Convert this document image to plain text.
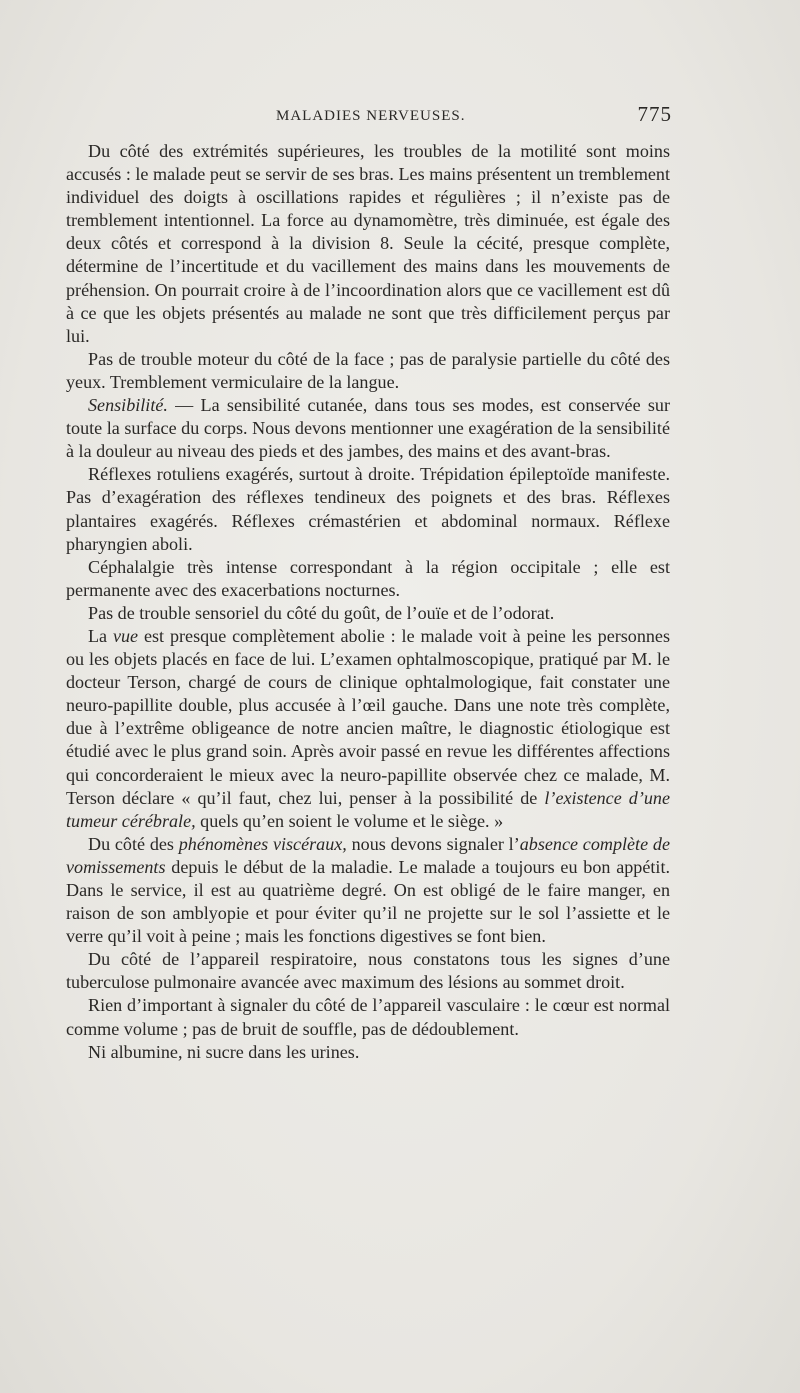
MALADIES NERVEUSES.	775

Du côté des extrémités supérieures, les troubles de la motilité sont moins accusés : le malade peut se servir de ses bras. Les mains présentent un tremblement individuel des doigts à oscillations rapides et régulières ; il n’existe pas de tremblement intentionnel. La force au dynamomètre, très diminuée, est égale des deux côtés et correspond à la division 8. Seule la cécité, presque complète, détermine de l’incertitude et du vacillement des mains dans les mouvements de préhension. On pourrait croire à de l’incoordination alors que ce vacillement est dû à ce que les objets présentés au malade ne sont que très difficilement perçus par lui.

Pas de trouble moteur du côté de la face ; pas de paralysie partielle du côté des yeux. Tremblement vermiculaire de la langue.

Sensibilité. — La sensibilité cutanée, dans tous ses modes, est conservée sur toute la surface du corps. Nous devons mentionner une exagération de la sensibilité à la douleur au niveau des pieds et des jambes, des mains et des avant-bras.

Réflexes rotuliens exagérés, surtout à droite. Trépidation épileptoïde manifeste. Pas d’exagération des réflexes tendineux des poignets et des bras. Réflexes plantaires exagérés. Réflexes crémastérien et abdominal normaux. Réflexe pharyngien aboli.

Céphalalgie très intense correspondant à la région occipitale ; elle est permanente avec des exacerbations nocturnes.

Pas de trouble sensoriel du côté du goût, de l’ouïe et de l’odorat.

La vue est presque complètement abolie : le malade voit à peine les personnes ou les objets placés en face de lui. L’examen ophtalmoscopique, pratiqué par M. le docteur Terson, chargé de cours de clinique ophtalmologique, fait constater une neuro-papillite double, plus accusée à l’œil gauche. Dans une note très complète, due à l’extrême obligeance de notre ancien maître, le diagnostic étiologique est étudié avec le plus grand soin. Après avoir passé en revue les différentes affections qui concorderaient le mieux avec la neuro-papillite observée chez ce malade, M. Terson déclare « qu’il faut, chez lui, penser à la possibilité de l’existence d’une tumeur cérébrale, quels qu’en soient le volume et le siège. »

Du côté des phénomènes viscéraux, nous devons signaler l’absence complète de vomissements depuis le début de la maladie. Le malade a toujours eu bon appétit. Dans le service, il est au quatrième degré. On est obligé de le faire manger, en raison de son amblyopie et pour éviter qu’il ne projette sur le sol l’assiette et le verre qu’il voit à peine ; mais les fonctions digestives se font bien.

Du côté de l’appareil respiratoire, nous constatons tous les signes d’une tuberculose pulmonaire avancée avec maximum des lésions au sommet droit.

Rien d’important à signaler du côté de l’appareil vasculaire : le cœur est normal comme volume ; pas de bruit de souffle, pas de dédoublement.

Ni albumine, ni sucre dans les urines.
